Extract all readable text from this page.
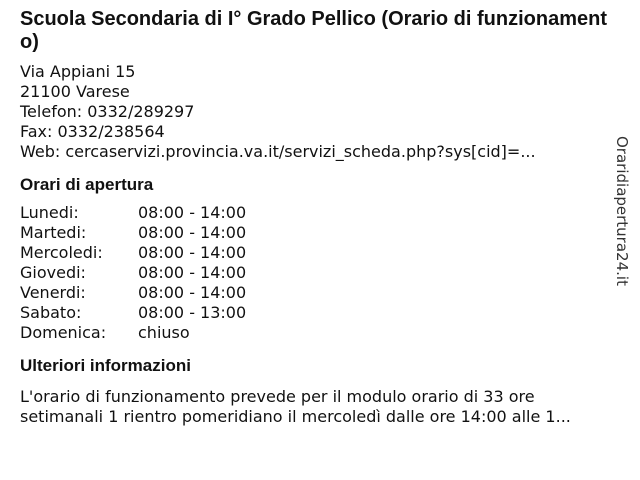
Scuola Secondaria di I° Grado Pellico (Orario di funzionamento)
Via Appiani 15
21100 Varese
Telefon: 0332/289297
Fax: 0332/238564
Web: cercaservizi.provincia.va.it/servizi_scheda.php?sys[cid]=...
Orari di apertura
Lunedi:	08:00 - 14:00
Martedi:	08:00 - 14:00
Mercoledi:	08:00 - 14:00
Giovedi:	08:00 - 14:00
Venerdi:	08:00 - 14:00
Sabato:	08:00 - 13:00
Domenica:	chiuso
Ulteriori informazioni
L'orario di funzionamento prevede per il modulo orario di 33 ore
setimanali 1 rientro pomeridiano il mercoledì dalle ore 14:00 alle 1...
Oraridiapertura24.it
